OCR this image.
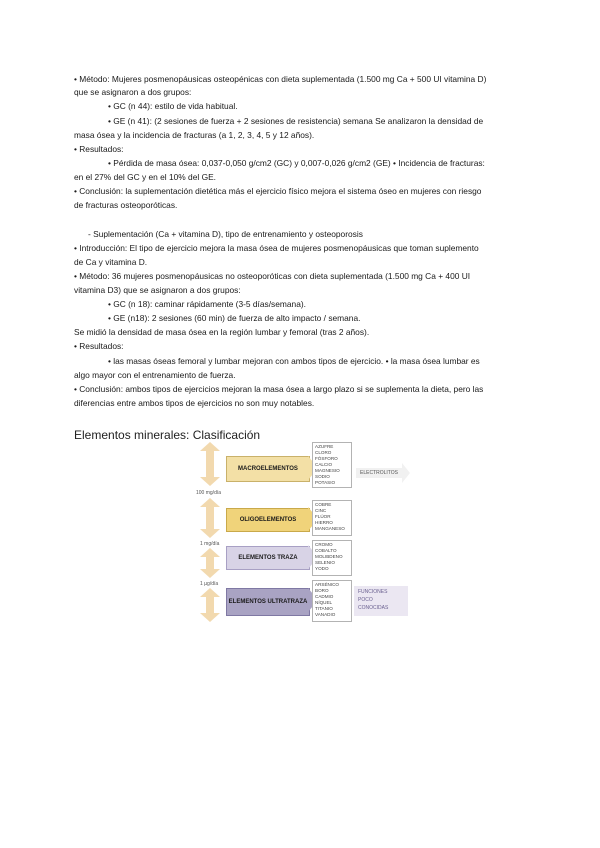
• Método: Mujeres posmenopáusicas osteopénicas con dieta suplementada (1.500 mg Ca + 500 UI vitamina D)
que se asignaron a dos grupos:
• GC (n 44): estilo de vida habitual.
• GE (n 41): (2 sesiones de fuerza + 2 sesiones de resistencia) semana Se analizaron la densidad de
masa ósea y la incidencia de fracturas (a 1, 2, 3, 4, 5 y 12 años).
• Resultados:
• Pérdida de masa ósea: 0,037-0,050 g/cm2 (GC) y 0,007-0,026 g/cm2 (GE) • Incidencia de fracturas:
en el 27% del GC y en el 10% del GE.
• Conclusión: la suplementación dietética más el ejercicio físico mejora el sistema óseo en mujeres con riesgo
de fracturas osteoporóticas.
- Suplementación (Ca + vitamina D), tipo de entrenamiento y osteoporosis
• Introducción: El tipo de ejercicio mejora la masa ósea de mujeres posmenopáusicas que toman suplemento
de Ca y vitamina D.
• Método: 36 mujeres posmenopáusicas no osteoporóticas con dieta suplementada (1.500 mg Ca + 400 UI
vitamina D3) que se asignaron a dos grupos:
• GC (n 18): caminar rápidamente (3-5 días/semana).
• GE (n18): 2 sesiones (60 min) de fuerza de alto impacto / semana.
Se midió la densidad de masa ósea en la región lumbar y femoral (tras 2 años).
• Resultados:
• las masas óseas femoral y lumbar mejoran con ambos tipos de ejercicio. • la masa ósea lumbar es
algo mayor con el entrenamiento de fuerza.
• Conclusión: ambos tipos de ejercicios mejoran la masa ósea a largo plazo si se suplementa la dieta, pero las
diferencias entre ambos tipos de ejercicios no son muy notables.
Elementos minerales: Clasificación
100 mg/día
1 mg/día
1 µg/día
MACROELEMENTOS
OLIGOELEMENTOS
ELEMENTOS TRAZA
ELEMENTOS ULTRATRAZA
AZUFRE
CLORO
FÓSFORO
CALCIO
MAGNESIO
SODIO
POTASIO
COBRE
CINC
FLÚOR
HIERRO
MANGANESO
CROMO
COBALTO
MOLIBDENO
SELENIO
YODO
ARSÉNICO
BORO
CADMIO
NÍQUEL
TITANIO
VANADIO
ELECTROLITOS
FUNCIONES
POCO
CONOCIDAS
